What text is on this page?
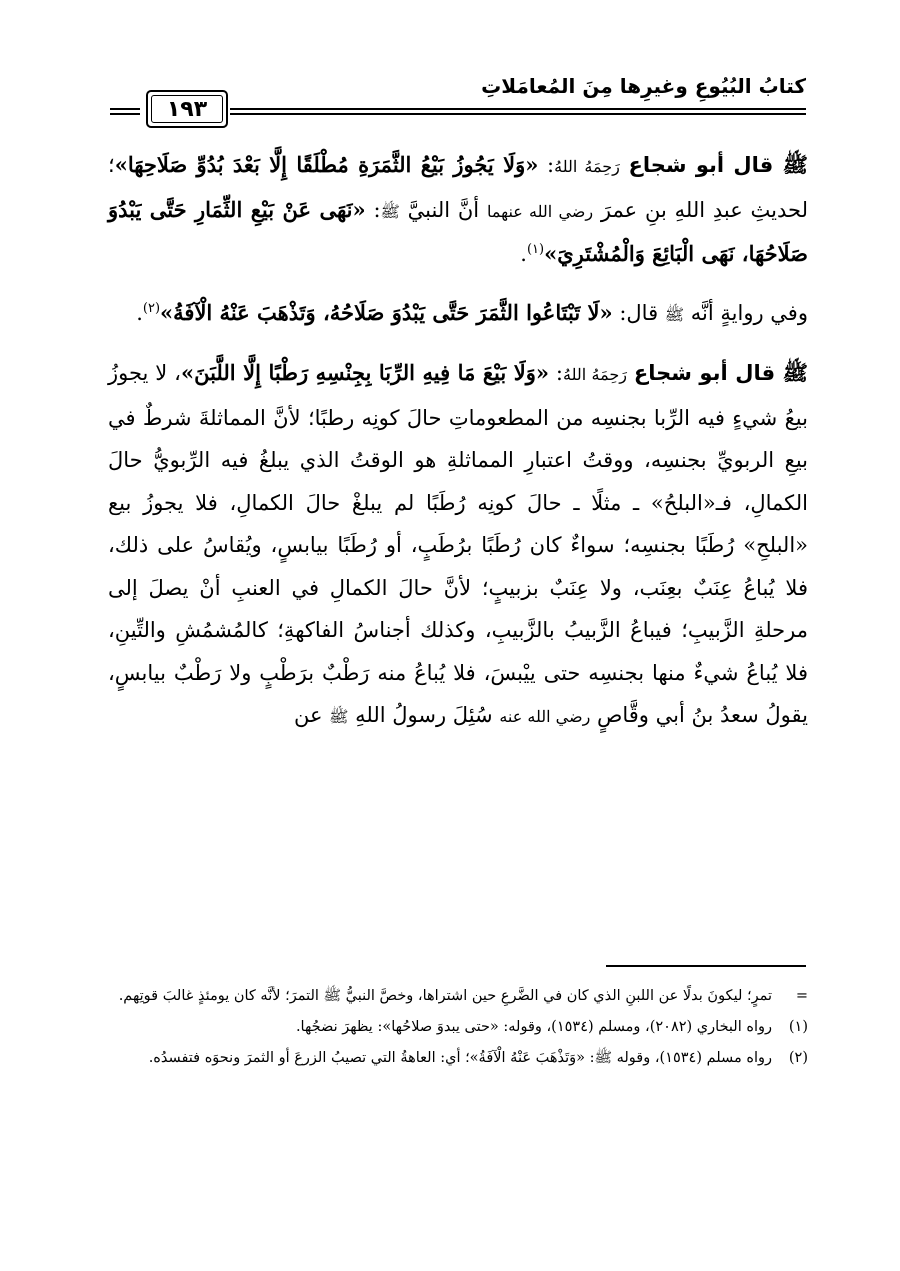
كتابُ البُيُوعِ وغيرِها مِنَ المُعامَلاتِ
١٩٣

ﷺ قال أبو شجاع رَحِمَهُ اللهُ: «وَلَا يَجُوزُ بَيْعُ الثَّمَرَةِ مُطْلَقًا إِلَّا بَعْدَ بُدُوِّ صَلَاحِهَا»؛ لحديثِ عبدِ اللهِ بنِ عمرَ رضي الله عنهما أنَّ النبيَّ ﷺ: «نَهَى عَنْ بَيْعِ الثِّمَارِ حَتَّى يَبْدُوَ صَلَاحُهَا، نَهَى الْبَائِعَ وَالْمُشْتَرِيَ»$^{(١)}$.

وفي روايةٍ أنَّه ﷺ قال: «لَا تَبْتَاعُوا الثَّمَرَ حَتَّى يَبْدُوَ صَلَاحُهُ، وَتَذْهَبَ عَنْهُ الْآفَةُ»$^{(٢)}$.

ﷺ قال أبو شجاع رَحِمَهُ اللهُ: «وَلَا بَيْعَ مَا فِيهِ الرِّبَا بِجِنْسِهِ رَطْبًا إِلَّا اللَّبَنَ»، لا يجوزُ بيعُ شيءٍ فيه الرِّبا بجنسِه من المطعوماتِ حالَ كونِه رطبًا؛ لأنَّ المماثلةَ شرطٌ في بيعِ الربويِّ بجنسِه، ووقتُ اعتبارِ المماثلةِ هو الوقتُ الذي يبلغُ فيه الرِّبويُّ حالَ الكمالِ، فـ«البلحُ» ـ مثلًا ـ حالَ كونِه رُطَبًا لم يبلغْ حالَ الكمالِ، فلا يجوزُ بيع «البلحِ» رُطَبًا بجنسِه؛ سواءٌ كان رُطَبًا برُطَبٍ، أو رُطَبًا بيابسٍ، ويُقاسُ على ذلك، فلا يُباعُ عِنَبٌ بعِنَب، ولا عِنَبٌ بزبيبٍ؛ لأنَّ حالَ الكمالِ في العنبِ أنْ يصلَ إلى مرحلةِ الزَّبيبِ؛ فيباعُ الزَّبيبُ بالزَّبيبِ، وكذلك أجناسُ الفاكهةِ؛ كالمُشمُشِ والتِّينِ، فلا يُباعُ شيءٌ منها بجنسِه حتى ييْبسَ، فلا يُباعُ منه رَطْبٌ برَطْبٍ ولا رَطْبٌ بيابسٍ، يقولُ سعدُ بنُ أبي وقَّاصٍ رضي الله عنه سُئِلَ رسولُ اللهِ ﷺ عن

=
تمرٍ؛ ليكونَ بدلًا عن اللبنِ الذي كان في الضَّرعِ حين اشتراها، وخصَّ النبيُّ ﷺ التمرَ؛ لأنَّه كان يومئذٍ غالبَ قوتِهم.
(١)
رواه البخاري (٢٠٨٢)، ومسلم (١٥٣٤)، وقوله: «حتى يبدوَ صلاحُها»: يظهرَ نضجُها.
(٢)
رواه مسلم (١٥٣٤)، وقوله ﷺ: «وَتَذْهَبَ عَنْهُ الْآفَةُ»؛ أي: العاهةُ التي تصيبُ الزرعَ أو الثمرَ ونحوَه فتفسدُه.
